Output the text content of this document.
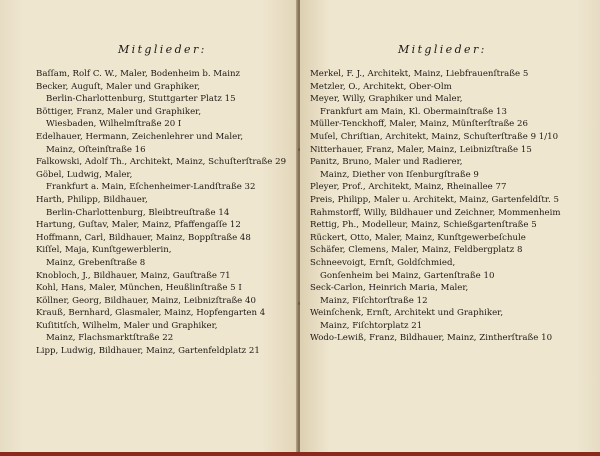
Mitglieder:
Baſſam, Rolf C. W., Maler, Bodenheim b. Mainz
Becker, Auguſt, Maler und Graphiker,
Berlin-Charlottenburg, Stuttgarter Platz 15
Böttiger, Franz, Maler und Graphiker,
Wiesbaden, Wilhelmſtraße 20 I
Edelhauer, Hermann, Zeichenlehrer und Maler,
Mainz, Oſteinſtraße 16
Falkowski, Adolf Th., Architekt, Mainz, Schuſterſtraße 29
Göbel, Ludwig, Maler,
Frankfurt a. Main, Eſchenheimer-Landſtraße 32
Harth, Philipp, Bildhauer,
Berlin-Charlottenburg, Bleibtreuſtraße 14
Hartung, Guſtav, Maler, Mainz, Pfaffengaſſe 12
Hoffmann, Carl, Bildhauer, Mainz, Boppſtraße 48
Kiſſel, Maja, Kunſtgewerblerin,
Mainz, Grebenſtraße 8
Knobloch, J., Bildhauer, Mainz, Gauſtraße 71
Kohl, Hans, Maler, München, Heußlinſtraße 5 I
Köllner, Georg, Bildhauer, Mainz, Leibnizſtraße 40
Krauß, Bernhard, Glasmaler, Mainz, Hopfengarten 4
Kuſititſch, Wilhelm, Maler und Graphiker,
Mainz, Flachsmarktſtraße 22
Lipp, Ludwig, Bildhauer, Mainz, Gartenfeldplatz 21
Mitglieder:
Merkel, F. J., Architekt, Mainz, Liebfrauenſtraße 5
Metzler, O., Architekt, Ober-Olm
Meyer, Willy, Graphiker und Maler,
Frankfurt am Main, Kl. Obermainſtraße 13
Müller-Tenckhoff, Maler, Mainz, Münſterſtraße 26
Muſel, Chriſtian, Architekt, Mainz, Schuſterſtraße 9 1/10
Nitterhauer, Franz, Maler, Mainz, Leibnizſtraße 15
Panitz, Bruno, Maler und Radierer,
Mainz, Diether von Iſenburgſtraße 9
Pleyer, Prof., Architekt, Mainz, Rheinallee 77
Preis, Philipp, Maler u. Architekt, Mainz, Gartenfeldſtr. 5
Rahmstorff, Willy, Bildhauer und Zeichner, Mommenheim
Rettig, Ph., Modelleur, Mainz, Schießgartenſtraße 5
Rückert, Otto, Maler, Mainz, Kunſtgewerbeſchule
Schäfer, Clemens, Maler, Mainz, Feldbergplatz 8
Schneevoigt, Ernſt, Goldſchmied,
Gonſenheim bei Mainz, Gartenſtraße 10
Seck-Carlon, Heinrich Maria, Maler,
Mainz, Fiſchtorſtraße 12
Weinſchenk, Ernſt, Architekt und Graphiker,
Mainz, Fiſchtorplatz 21
Wodo-Lewiß, Franz, Bildhauer, Mainz, Zintherſtraße 10
